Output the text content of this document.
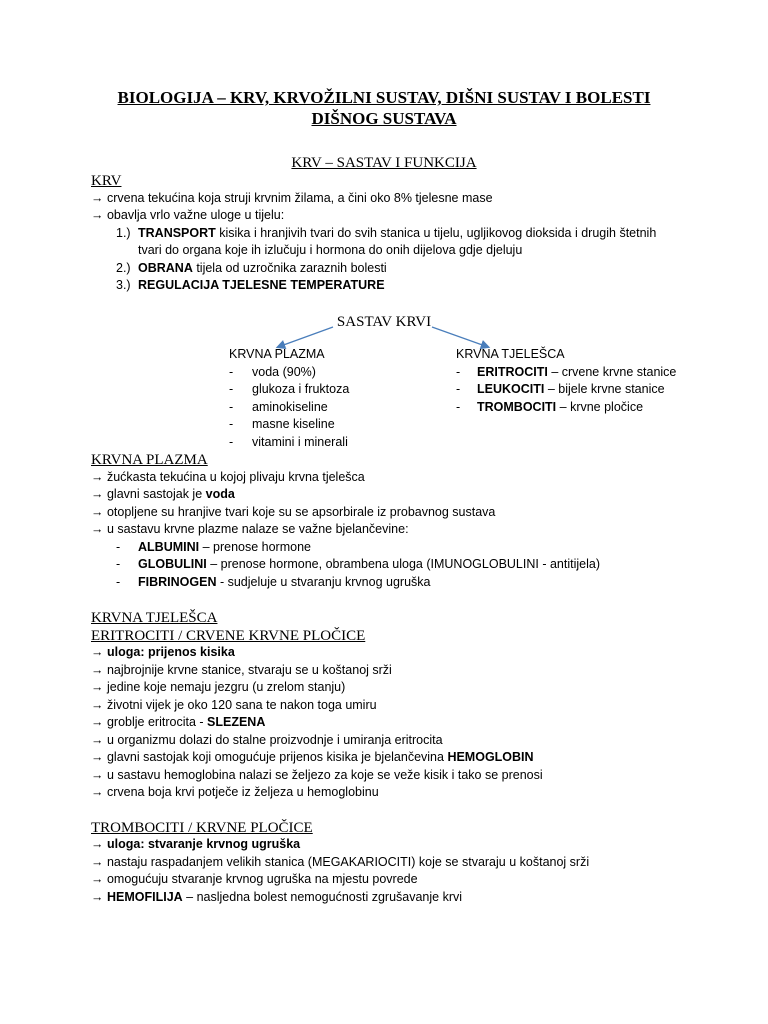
BIOLOGIJA – KRV, KRVOŽILNI SUSTAV, DIŠNI SUSTAV I BOLESTI
DIŠNOG SUSTAVA
KRV – SASTAV I FUNKCIJA
KRV
→ crvena tekućina koja struji krvnim žilama, a čini oko 8% tjelesne mase
→ obavlja vrlo važne uloge u tijelu:
1.) TRANSPORT kisika i hranjivih tvari do svih stanica u tijelu, ugljikovog dioksida i drugih štetnih
tvari do organa koje ih izlučuju i hormona do onih dijelova gdje djeluju
2.) OBRANA tijela od uzročnika zaraznih bolesti
3.) REGULACIJA TJELESNE TEMPERATURE
SASTAV KRVI
KRVNA PLAZMA
- voda (90%)
- glukoza i fruktoza
- aminokiseline
- masne kiseline
- vitamini i minerali
KRVNA TJELEŠCA
- ERITROCITI – crvene krvne stanice
- LEUKOCITI – bijele krvne stanice
- TROMBOCITI – krvne pločice
KRVNA PLAZMA
→ žućkasta tekućina u kojoj plivaju krvna tjelešca
→ glavni sastojak je voda
→ otopljene su hranjive tvari koje su se apsorbirale iz probavnog sustava
→ u sastavu krvne plazme nalaze se važne bjelančevine:
- ALBUMINI – prenose hormone
- GLOBULINI – prenose hormone, obrambena uloga (IMUNOGLOBULINI - antitijela)
- FIBRINOGEN - sudjeluje u stvaranju krvnog ugruška
KRVNA TJELEŠCA
ERITROCITI / CRVENE KRVNE PLOČICE
→ uloga: prijenos kisika
→ najbrojnije krvne stanice, stvaraju se u koštanoj srži
→ jedine koje nemaju jezgru (u zrelom stanju)
→ životni vijek je oko 120 sana te nakon toga umiru
→ groblje eritrocita - SLEZENA
→ u organizmu dolazi do stalne proizvodnje i umiranja eritrocita
→ glavni sastojak koji omogućuje prijenos kisika je bjelančevina HEMOGLOBIN
→ u sastavu hemoglobina nalazi se željezo za koje se veže kisik i tako se prenosi
→ crvena boja krvi potječe iz željeza u hemoglobinu
TROMBOCITI / KRVNE PLOČICE
→ uloga: stvaranje krvnog ugruška
→ nastaju raspadanjem velikih stanica (MEGAKARIOCITI) koje se stvaraju u koštanoj srži
→ omogućuju stvaranje krvnog ugruška na mjestu povrede
→ HEMOFILIJA – nasljedna bolest nemogućnosti zgrušavanje krvi
